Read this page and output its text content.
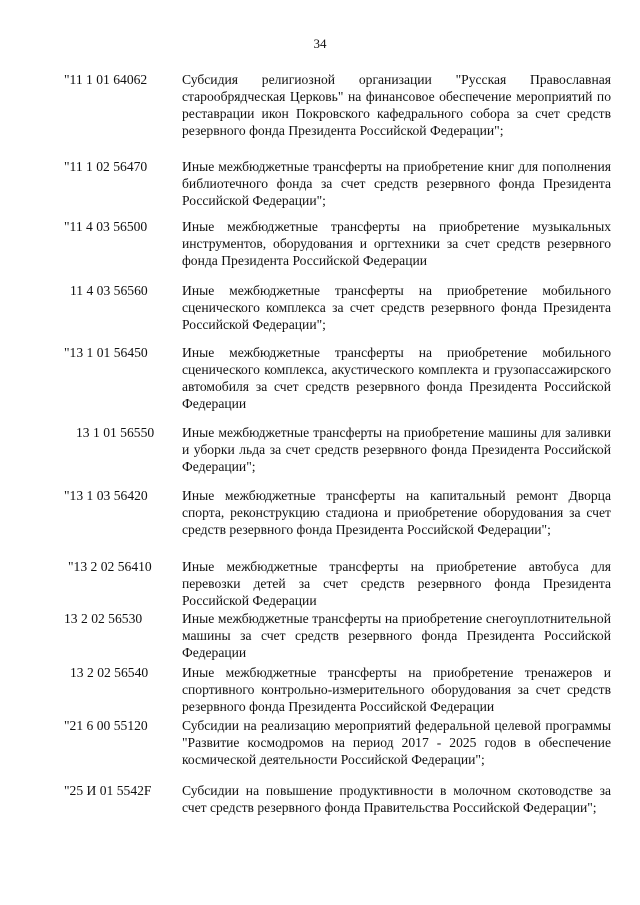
34
"11 1 01 64062	Субсидия религиозной организации "Русская Православная старообрядческая Церковь" на финансовое обеспечение мероприятий по реставрации икон Покровского кафедрального собора за счет средств резервного фонда Президента Российской Федерации";
"11 1 02 56470	Иные межбюджетные трансферты на приобретение книг для пополнения библиотечного фонда за счет средств резервного фонда Президента Российской Федерации";
"11 4 03 56500	Иные межбюджетные трансферты на приобретение музыкальных инструментов, оборудования и оргтехники за счет средств резервного фонда Президента Российской Федерации
11 4 03 56560	Иные межбюджетные трансферты на приобретение мобильного сценического комплекса за счет средств резервного фонда Президента Российской Федерации";
"13 1 01 56450	Иные межбюджетные трансферты на приобретение мобильного сценического комплекса, акустического комплекта и грузопассажирского автомобиля за счет средств резервного фонда Президента Российской Федерации
13 1 01 56550 Иные межбюджетные трансферты на приобретение машины для заливки и уборки льда за счет средств резервного фонда Президента Российской Федерации";
"13 1 03 56420	Иные межбюджетные трансферты на капитальный ремонт Дворца спорта, реконструкцию стадиона и приобретение оборудования за счет средств резервного фонда Президента Российской Федерации";
"13 2 02 56410 Иные межбюджетные трансферты на приобретение автобуса для перевозки детей за счет средств резервного фонда Президента Российской Федерации
13 2 02 56530	Иные межбюджетные трансферты на приобретение снегоуплотнительной машины за счет средств резервного фонда Президента Российской Федерации
13 2 02 56540 Иные межбюджетные трансферты на приобретение тренажеров и спортивного контрольно-измерительного оборудования за счет средств резервного фонда Президента Российской Федерации
"21 6 00 55120	Субсидии на реализацию мероприятий федеральной целевой программы "Развитие космодромов на период 2017 - 2025 годов в обеспечение космической деятельности Российской Федерации";
"25 И 01 5542F Субсидии на повышение продуктивности в молочном скотоводстве за счет средств резервного фонда Правительства Российской Федерации";
